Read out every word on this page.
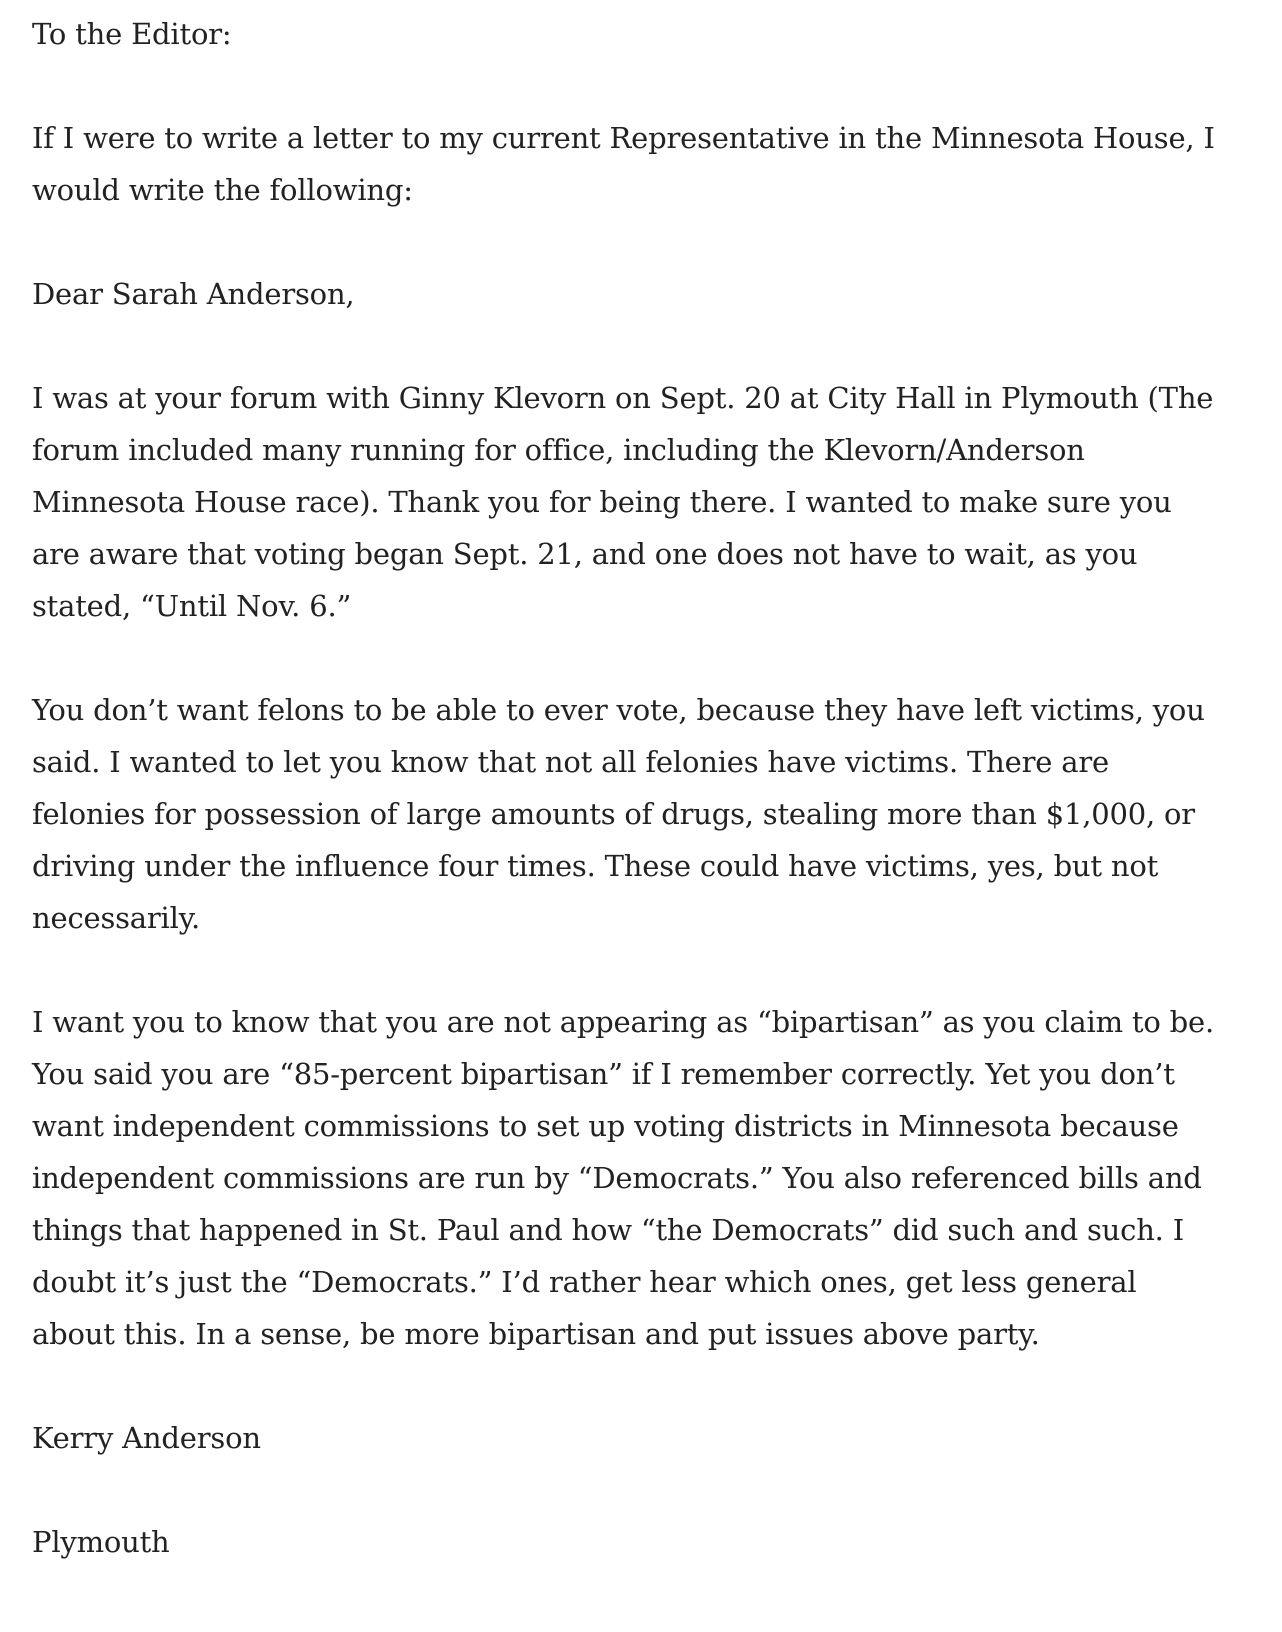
To the Editor:

If I were to write a letter to my current Representative in the Minnesota House, I would write the following:

Dear Sarah Anderson,

I was at your forum with Ginny Klevorn on Sept. 20 at City Hall in Plymouth (The forum included many running for office, including the Klevorn/Anderson Minnesota House race). Thank you for being there. I wanted to make sure you are aware that voting began Sept. 21, and one does not have to wait, as you stated, “Until Nov. 6.”

You don’t want felons to be able to ever vote, because they have left victims, you said. I wanted to let you know that not all felonies have victims. There are felonies for possession of large amounts of drugs, stealing more than $1,000, or driving under the influence four times. These could have victims, yes, but not necessarily.

I want you to know that you are not appearing as “bipartisan” as you claim to be. You said you are “85-percent bipartisan” if I remember correctly. Yet you don’t want independent commissions to set up voting districts in Minnesota because independent commissions are run by “Democrats.” You also referenced bills and things that happened in St. Paul and how “the Democrats” did such and such. I doubt it’s just the “Democrats.” I’d rather hear which ones, get less general about this. In a sense, be more bipartisan and put issues above party.

Kerry Anderson

Plymouth
